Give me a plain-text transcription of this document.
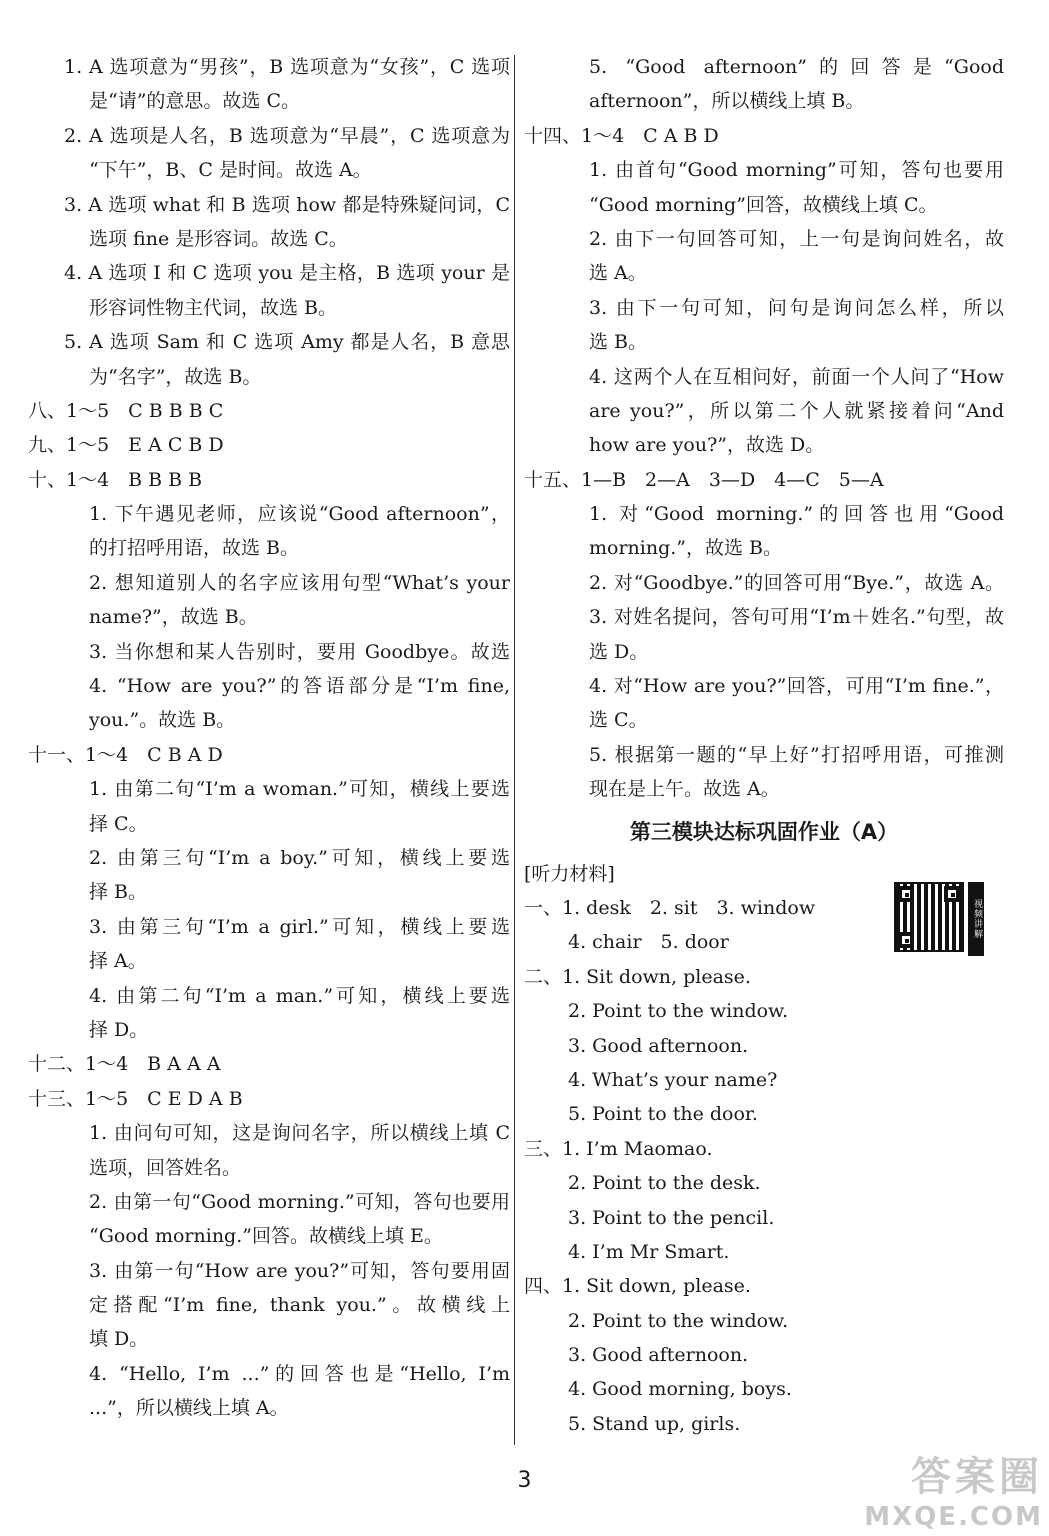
1. A 选项意为“男孩”，B 选项意为“女孩”，C 选项
是“请”的意思。故选 C。
2. A 选项是人名，B 选项意为“早晨”，C 选项意为
“下午”，B、C 是时间。故选 A。
3. A 选项 what 和 B 选项 how 都是特殊疑问词，C
选项 fine 是形容词。故选 C。
4. A 选项 I 和 C 选项 you 是主格，B 选项 your 是
形容词性物主代词，故选 B。
5. A 选项 Sam 和 C 选项 Amy 都是人名，B 意思
为“名字”，故选 B。
八、1～5　C B B B C
九、1～5　E A C B D
十、1～4　B B B B
1. 下午遇见老师，应该说“Good afternoon”，
的打招呼用语，故选 B。
2. 想知道别人的名字应该用句型“What’s your
name?”，故选 B。
3. 当你想和某人告别时，要用 Goodbye。故选
4. “How are you?”的答语部分是“I’m fine,
you.”。故选 B。
十一、1～4　C B A D
1. 由第二句“I’m a woman.”可知，横线上要选
择 C。
2. 由第三句“I’m a boy.”可知，横线上要选
择 B。
3. 由第三句“I’m a girl.”可知，横线上要选
择 A。
4. 由第二句“I’m a man.”可知，横线上要选
择 D。
十二、1～4　B A A A
十三、1～5　C E D A B
1. 由问句可知，这是询问名字，所以横线上填 C
选项，回答姓名。
2. 由第一句“Good morning.”可知，答句也要用
“Good morning.”回答。故横线上填 E。
3. 由第一句“How are you?”可知，答句要用固
定搭配“I’m fine, thank you.”。故横线上
填 D。
4. “Hello, I’m ...”的回答也是“Hello, I’m
...”，所以横线上填 A。
5. “Good afternoon”的回答是“Good
afternoon”，所以横线上填 B。
十四、1～4　C A B D
1. 由首句“Good morning”可知，答句也要用
“Good morning”回答，故横线上填 C。
2. 由下一句回答可知，上一句是询问姓名，故
选 A。
3. 由下一句可知，问句是询问怎么样，所以
选 B。
4. 这两个人在互相问好，前面一个人问了“How
are you?”，所以第二个人就紧接着问“And
how are you?”，故选 D。
十五、1—B　2—A　3—D　4—C　5—A
1. 对“Good morning.”的回答也用“Good
morning.”，故选 B。
2. 对“Goodbye.”的回答可用“Bye.”，故选 A。
3. 对姓名提问，答句可用“I’m＋姓名.”句型，故
选 D。
4. 对“How are you?”回答，可用“I’m fine.”，
选 C。
5. 根据第一题的“早上好”打招呼用语，可推测
现在是上午。故选 A。
第三模块达标巩固作业（A）
[听力材料]
一、1. desk　2. sit　3. window
4. chair　5. door
二、1. Sit down, please.
2. Point to the window.
3. Good afternoon.
4. What’s your name?
5. Point to the door.
三、1. I’m Maomao.
2. Point to the desk.
3. Point to the pencil.
4. I’m Mr Smart.
四、1. Sit down, please.
2. Point to the window.
3. Good afternoon.
4. Good morning, boys.
5. Stand up, girls.
视频讲解
3	答案圈
MXQE.COM
